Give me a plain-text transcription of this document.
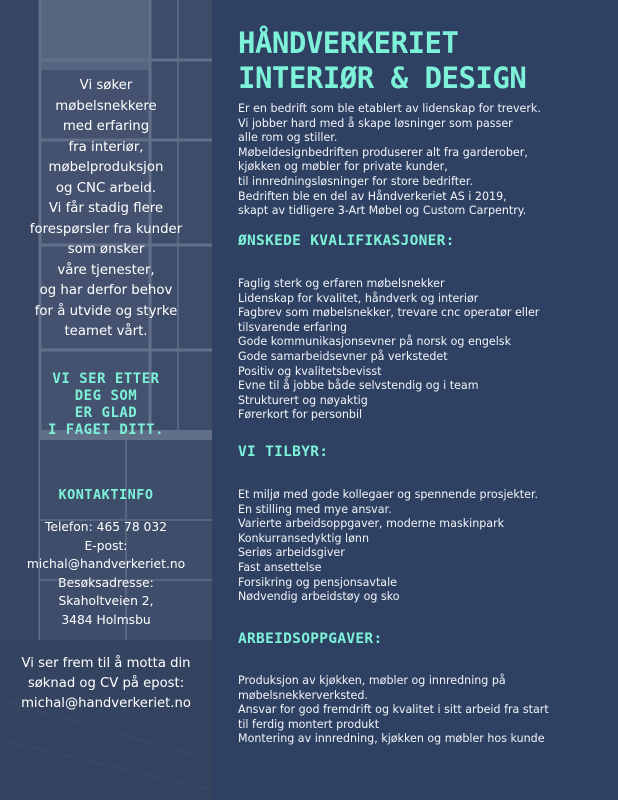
Vi søker
møbelsnekkere
med erfaring
fra interiør,
møbelproduksjon
og CNC arbeid.
Vi får stadig flere
forespørsler fra kunder
som ønsker
våre tjenester,
og har derfor behov
for å utvide og styrke
teamet vårt.
VI SER ETTER
DEG SOM
ER GLAD
I FAGET DITT.
KONTAKTINFO
Telefon: 465 78 032
E-post:
michal@handverkeriet.no
Besøksadresse:
Skaholtveien 2,
3484 Holmsbu
Vi ser frem til å motta din
søknad og CV på epost:
michal@handverkeriet.no
HÅNDVERKERIET
INTERIØR & DESIGN
Er en bedrift som ble etablert av lidenskap for treverk.
Vi jobber hard med å skape løsninger som passer
alle rom og stiller.
Møbeldesignbedriften produserer alt fra garderober,
kjøkken og møbler for private kunder,
til innredningsløsninger for store bedrifter.
Bedriften ble en del av Håndverkeriet AS i 2019,
skapt av tidligere 3-Art Møbel og Custom Carpentry.
ØNSKEDE KVALIFIKASJONER:
Faglig sterk og erfaren møbelsnekker
Lidenskap for kvalitet, håndverk og interiør
Fagbrev som møbelsnekker, trevare cnc operatør eller
tilsvarende erfaring
Gode kommunikasjonsevner på norsk og engelsk
Gode samarbeidsevner på verkstedet
Positiv og kvalitetsbevisst
Evne til å jobbe både selvstendig og i team
Strukturert og nøyaktig
Førerkort for personbil
VI TILBYR:
Et miljø med gode kollegaer og spennende prosjekter.
En stilling med mye ansvar.
Varierte arbeidsoppgaver, moderne maskinpark
Konkurransedyktig lønn
Seriøs arbeidsgiver
Fast ansettelse
Forsikring og pensjonsavtale
Nødvendig arbeidstøy og sko
ARBEIDSOPPGAVER:
Produksjon av kjøkken, møbler og innredning på
møbelsnekkerverksted.
Ansvar for god fremdrift og kvalitet i sitt arbeid fra start
til ferdig montert produkt
Montering av innredning, kjøkken og møbler hos kunde
